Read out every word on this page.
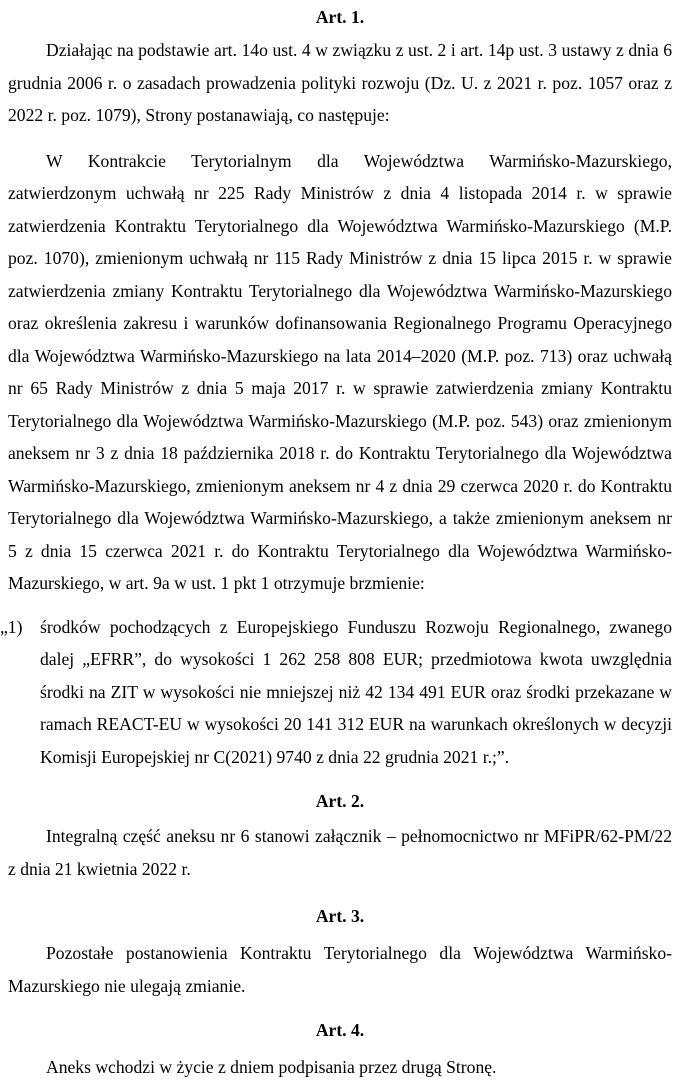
Art. 1.

Działając na podstawie art. 14o ust. 4 w związku z ust. 2 i art. 14p ust. 3 ustawy z dnia 6 grudnia 2006 r. o zasadach prowadzenia polityki rozwoju (Dz. U. z 2021 r. poz. 1057 oraz z 2022 r. poz. 1079), Strony postanawiają, co następuje:

W Kontrakcie Terytorialnym dla Województwa Warmińsko-Mazurskiego, zatwierdzonym uchwałą nr 225 Rady Ministrów z dnia 4 listopada 2014 r. w sprawie zatwierdzenia Kontraktu Terytorialnego dla Województwa Warmińsko-Mazurskiego (M.P. poz. 1070), zmienionym uchwałą nr 115 Rady Ministrów z dnia 15 lipca 2015 r. w sprawie zatwierdzenia zmiany Kontraktu Terytorialnego dla Województwa Warmińsko-Mazurskiego oraz określenia zakresu i warunków dofinansowania Regionalnego Programu Operacyjnego dla Województwa Warmińsko-Mazurskiego na lata 2014–2020 (M.P. poz. 713) oraz uchwałą nr 65 Rady Ministrów z dnia 5 maja 2017 r. w sprawie zatwierdzenia zmiany Kontraktu Terytorialnego dla Województwa Warmińsko-Mazurskiego (M.P. poz. 543) oraz zmienionym aneksem nr 3 z dnia 18 października 2018 r. do Kontraktu Terytorialnego dla Województwa Warmińsko-Mazurskiego, zmienionym aneksem nr 4 z dnia 29 czerwca 2020 r. do Kontraktu Terytorialnego dla Województwa Warmińsko-Mazurskiego, a także zmienionym aneksem nr 5 z dnia 15 czerwca 2021 r. do Kontraktu Terytorialnego dla Województwa Warmińsko-Mazurskiego, w art. 9a w ust. 1 pkt 1 otrzymuje brzmienie:

„1) środków pochodzących z Europejskiego Funduszu Rozwoju Regionalnego, zwanego dalej „EFRR”, do wysokości 1 262 258 808 EUR; przedmiotowa kwota uwzględnia środki na ZIT w wysokości nie mniejszej niż 42 134 491 EUR oraz środki przekazane w ramach REACT-EU w wysokości 20 141 312 EUR na warunkach określonych w decyzji Komisji Europejskiej nr C(2021) 9740 z dnia 22 grudnia 2021 r.;”.

Art. 2.

Integralną część aneksu nr 6 stanowi załącznik – pełnomocnictwo nr MFiPR/62-PM/22 z dnia 21 kwietnia 2022 r.

Art. 3.

Pozostałe postanowienia Kontraktu Terytorialnego dla Województwa Warmińsko-Mazurskiego nie ulegają zmianie.

Art. 4.

Aneks wchodzi w życie z dniem podpisania przez drugą Stronę.
